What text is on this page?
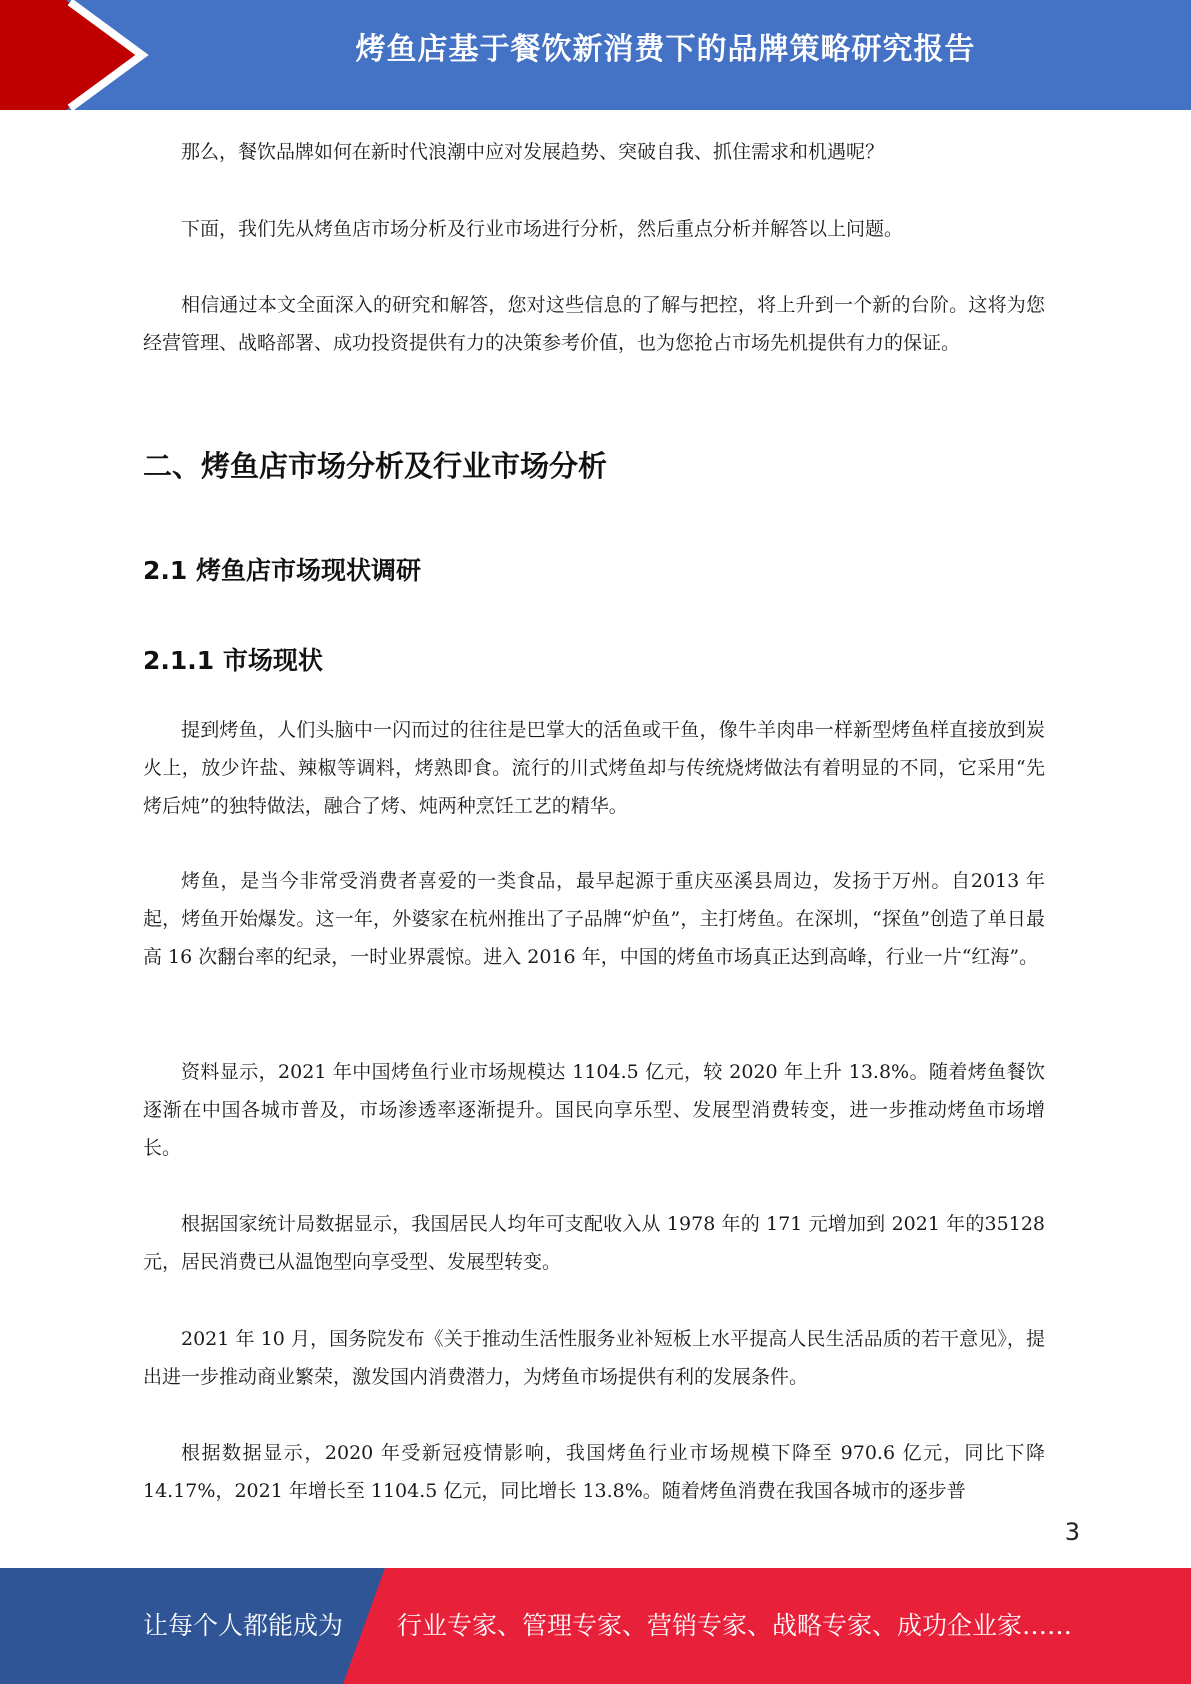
烤鱼店基于餐饮新消费下的品牌策略研究报告

那么，餐饮品牌如何在新时代浪潮中应对发展趋势、突破自我、抓住需求和机遇呢？

下面，我们先从烤鱼店市场分析及行业市场进行分析，然后重点分析并解答以上问题。

相信通过本文全面深入的研究和解答，您对这些信息的了解与把控，将上升到一个新的台阶。这将为您经营管理、战略部署、成功投资提供有力的决策参考价值，也为您抢占市场先机提供有力的保证。

二、烤鱼店市场分析及行业市场分析
2.1 烤鱼店市场现状调研
2.1.1 市场现状

提到烤鱼，人们头脑中一闪而过的往往是巴掌大的活鱼或干鱼，像牛羊肉串一样新型烤鱼样直接放到炭火上，放少许盐、辣椒等调料，烤熟即食。流行的川式烤鱼却与传统烧烤做法有着明显的不同，它采用“先烤后炖”的独特做法，融合了烤、炖两种烹饪工艺的精华。

烤鱼，是当今非常受消费者喜爱的一类食品，最早起源于重庆巫溪县周边，发扬于万州。自2013 年起，烤鱼开始爆发。这一年，外婆家在杭州推出了子品牌“炉鱼”，主打烤鱼。在深圳，“探鱼”创造了单日最高 16 次翻台率的纪录，一时业界震惊。进入 2016 年，中国的烤鱼市场真正达到高峰，行业一片“红海”。

资料显示，2021 年中国烤鱼行业市场规模达 1104.5 亿元，较 2020 年上升 13.8%。随着烤鱼餐饮逐渐在中国各城市普及，市场渗透率逐渐提升。国民向享乐型、发展型消费转变，进一步推动烤鱼市场增长。

根据国家统计局数据显示，我国居民人均年可支配收入从 1978 年的 171 元增加到 2021 年的35128 元，居民消费已从温饱型向享受型、发展型转变。

2021 年 10 月，国务院发布《关于推动生活性服务业补短板上水平提高人民生活品质的若干意见》，提出进一步推动商业繁荣，激发国内消费潜力，为烤鱼市场提供有利的发展条件。

根据数据显示，2020 年受新冠疫情影响，我国烤鱼行业市场规模下降至 970.6 亿元，同比下降 14.17%，2021 年增长至 1104.5 亿元，同比增长 13.8%。随着烤鱼消费在我国各城市的逐步普

3
让每个人都能成为 行业专家、管理专家、营销专家、战略专家、成功企业家……
